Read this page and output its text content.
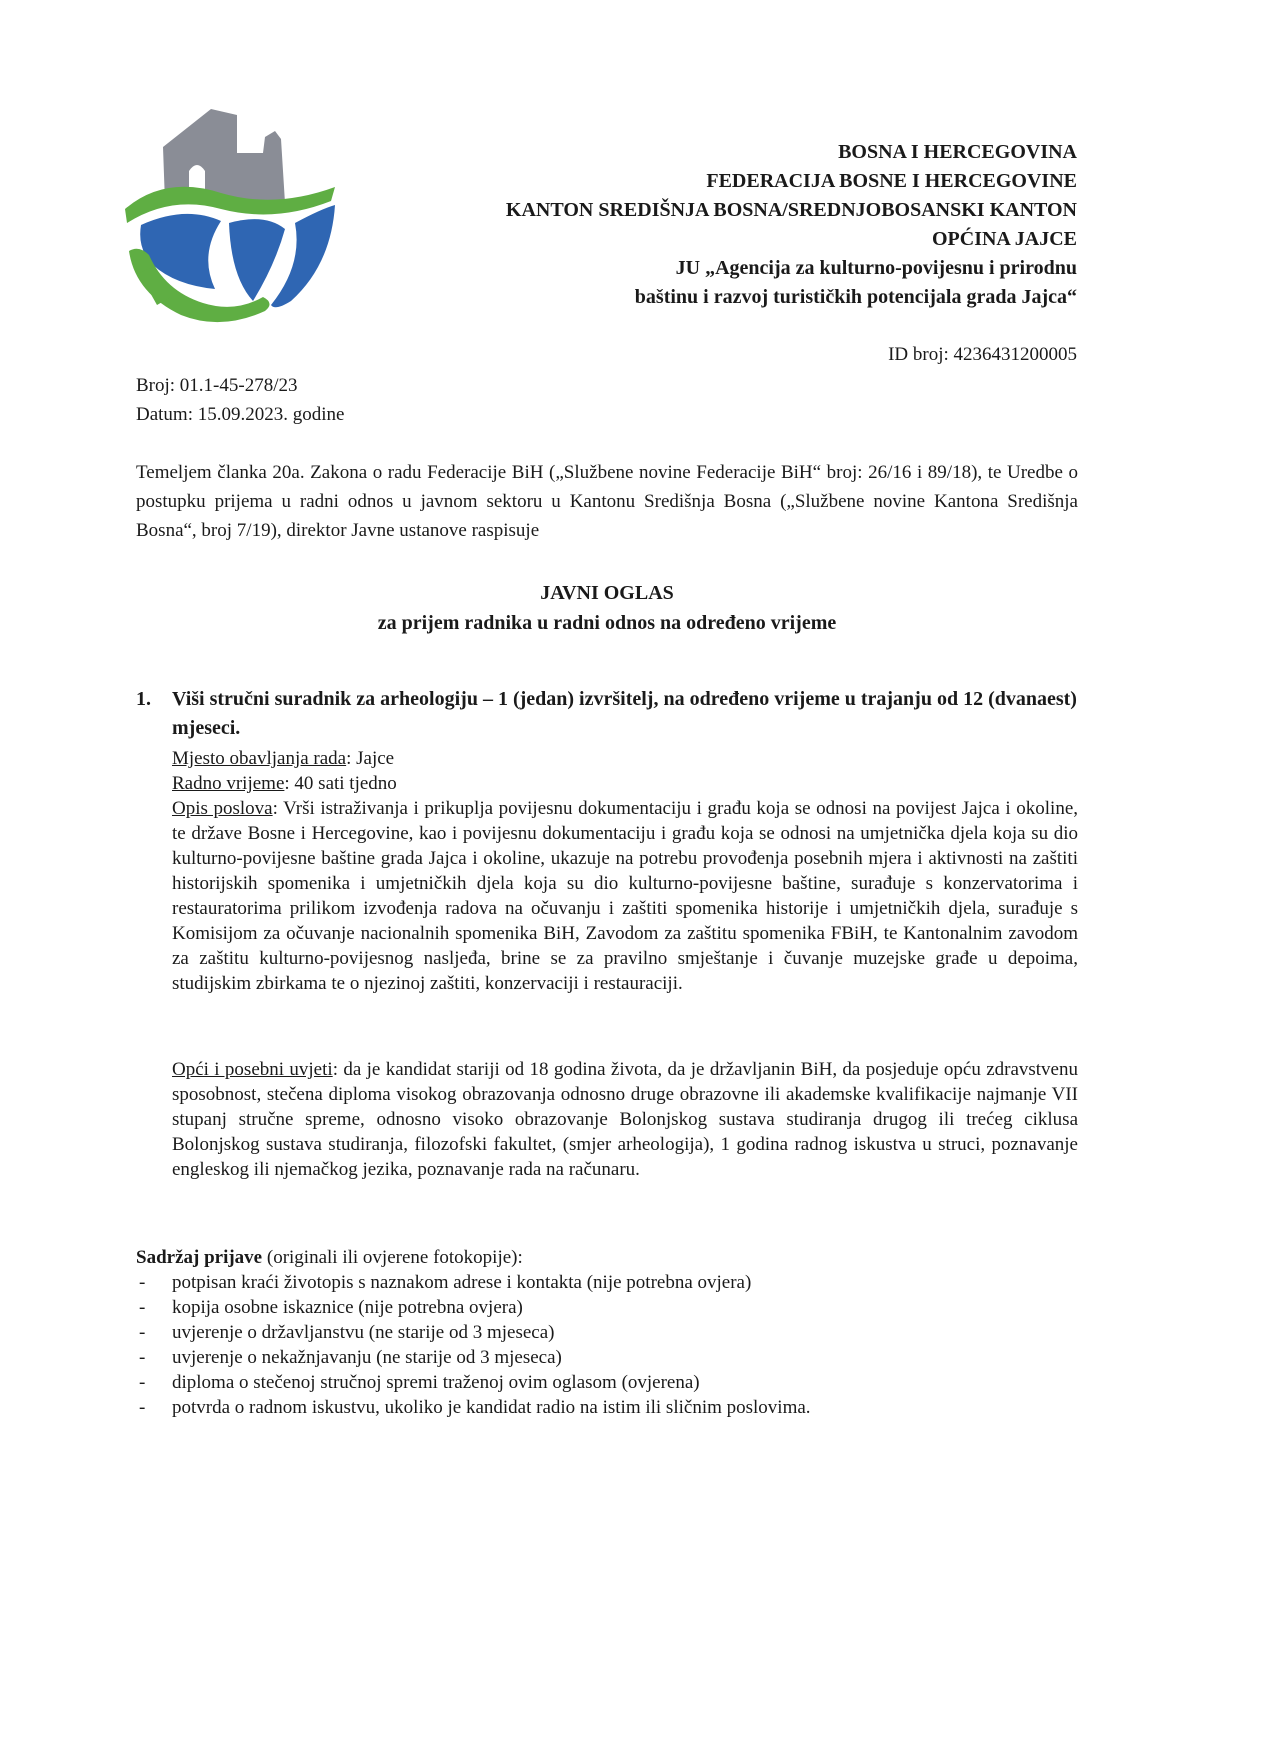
BOSNA I HERCEGOVINA
FEDERACIJA BOSNE I HERCEGOVINE
KANTON SREDIŠNJA BOSNA/SREDNJOBOSANSKI KANTON
OPĆINA JAJCE
JU „Agencija za kulturno-povijesnu i prirodnu
baštinu i razvoj turističkih potencijala grada Jajca“
ID broj: 4236431200005
Broj: 01.1-45-278/23
Datum: 15.09.2023. godine
Temeljem članka 20a. Zakona o radu Federacije BiH („Službene novine Federacije BiH“ broj: 26/16 i 89/18), te Uredbe o postupku prijema u radni odnos u javnom sektoru u Kantonu Središnja Bosna („Službene novine Kantona Središnja Bosna“, broj 7/19), direktor Javne ustanove raspisuje
JAVNI OGLAS
za prijem radnika u radni odnos na određeno vrijeme
1.	Viši stručni suradnik za arheologiju – 1 (jedan) izvršitelj, na određeno vrijeme u trajanju od 12 (dvanaest) mjeseci.
Mjesto obavljanja rada: Jajce
Radno vrijeme: 40 sati tjedno
Opis poslova: Vrši istraživanja i prikuplja povijesnu dokumentaciju i građu koja se odnosi na povijest Jajca i okoline, te države Bosne i Hercegovine, kao i povijesnu dokumentaciju i građu koja se odnosi na umjetnička djela koja su dio kulturno-povijesne baštine grada Jajca i okoline, ukazuje na potrebu provođenja posebnih mjera i aktivnosti na zaštiti historijskih spomenika i umjetničkih djela koja su dio kulturno-povijesne baštine, surađuje s konzervatorima i restauratorima prilikom izvođenja radova na očuvanju i zaštiti spomenika historije i umjetničkih djela, surađuje s Komisijom za očuvanje nacionalnih spomenika BiH, Zavodom za zaštitu spomenika FBiH, te Kantonalnim zavodom za zaštitu kulturno-povijesnog nasljeđa, brine se za pravilno smještanje i čuvanje muzejske građe u depoima, studijskim zbirkama te o njezinoj zaštiti, konzervaciji i restauraciji.
Opći i posebni uvjeti: da je kandidat stariji od 18 godina života, da je državljanin BiH, da posjeduje opću zdravstvenu sposobnost, stečena diploma visokog obrazovanja odnosno druge obrazovne ili akademske kvalifikacije najmanje VII stupanj stručne spreme, odnosno visoko obrazovanje Bolonjskog sustava studiranja drugog ili trećeg ciklusa Bolonjskog sustava studiranja, filozofski fakultet, (smjer arheologija), 1 godina radnog iskustva u struci, poznavanje engleskog ili njemačkog jezika, poznavanje rada na računaru.
Sadržaj prijave (originali ili ovjerene fotokopije):
-	potpisan kraći životopis s naznakom adrese i kontakta (nije potrebna ovjera)
-	kopija osobne iskaznice (nije potrebna ovjera)
-	uvjerenje o državljanstvu (ne starije od 3 mjeseca)
-	uvjerenje o nekažnjavanju (ne starije od 3 mjeseca)
-	diploma o stečenoj stručnoj spremi traženoj ovim oglasom (ovjerena)
-	potvrda o radnom iskustvu, ukoliko je kandidat radio na istim ili sličnim poslovima.
